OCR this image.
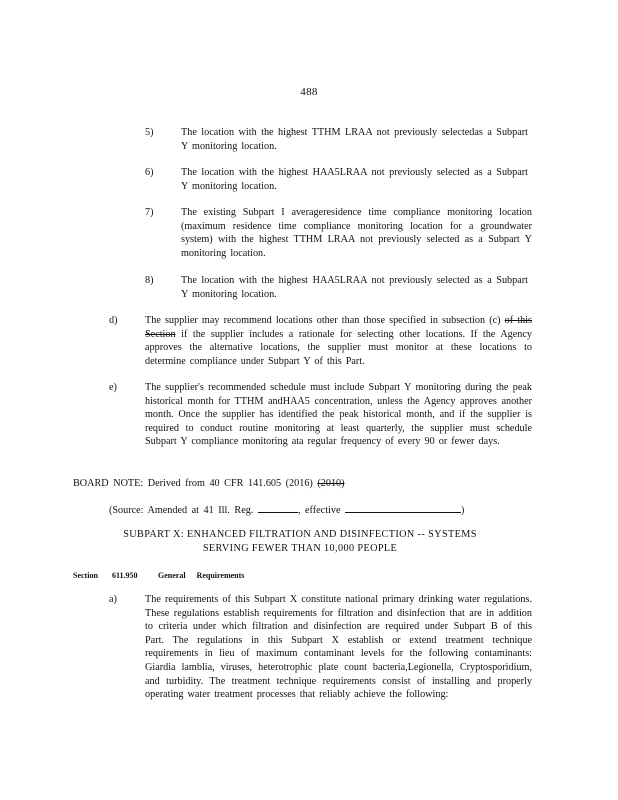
488
5)	The location with the highest TTHM LRAA not previously selectedas a Subpart Y monitoring location.
6)	The location with the highest HAA5LRAA not previously selected as a Subpart Y monitoring location.
7)	The existing Subpart I averageresidence time compliance monitoring location (maximum residence time compliance monitoring location for a groundwater system) with the highest TTHM LRAA not previously selected as a Subpart Y monitoring location.
8)	The location with the highest HAA5LRAA not previously selected as a Subpart Y monitoring location.
d)	The supplier may recommend locations other than those specified in subsection (c) of this Section if the supplier includes a rationale for selecting other locations. If the Agency approves the alternative locations, the supplier must monitor at these locations to determine compliance under Subpart Y of this Part.
e)	The supplier's recommended schedule must include Subpart Y monitoring during the peak historical month for TTHM andHAA5 concentration, unless the Agency approves another month. Once the supplier has identified the peak historical month, and if the supplier is required to conduct routine monitoring at least quarterly, the supplier must schedule Subpart Y compliance monitoring ata regular frequency of every 90 or fewer days.
BOARD NOTE: Derived from 40 CFR 141.605 (2016) (2010)
(Source: Amended at 41 Ill. Reg.	, effective	)
SUBPART X: ENHANCED FILTRATION AND DISINFECTION -- SYSTEMS
SERVING FEWER THAN 10,000 PEOPLE
Section 611.950	General Requirements
a)	The requirements of this Subpart X constitute national primary drinking water regulations. These regulations establish requirements for filtration and disinfection that are in addition to criteria under which filtration and disinfection are required under Subpart B of this Part. The regulations in this Subpart X establish or extend treatment technique requirements in lieu of maximum contaminant levels for the following contaminants: Giardia lamblia, viruses, heterotrophic plate count bacteria,Legionella, Cryptosporidium, and turbidity. The treatment technique requirements consist of installing and properly operating water treatment processes that reliably achieve the following:
